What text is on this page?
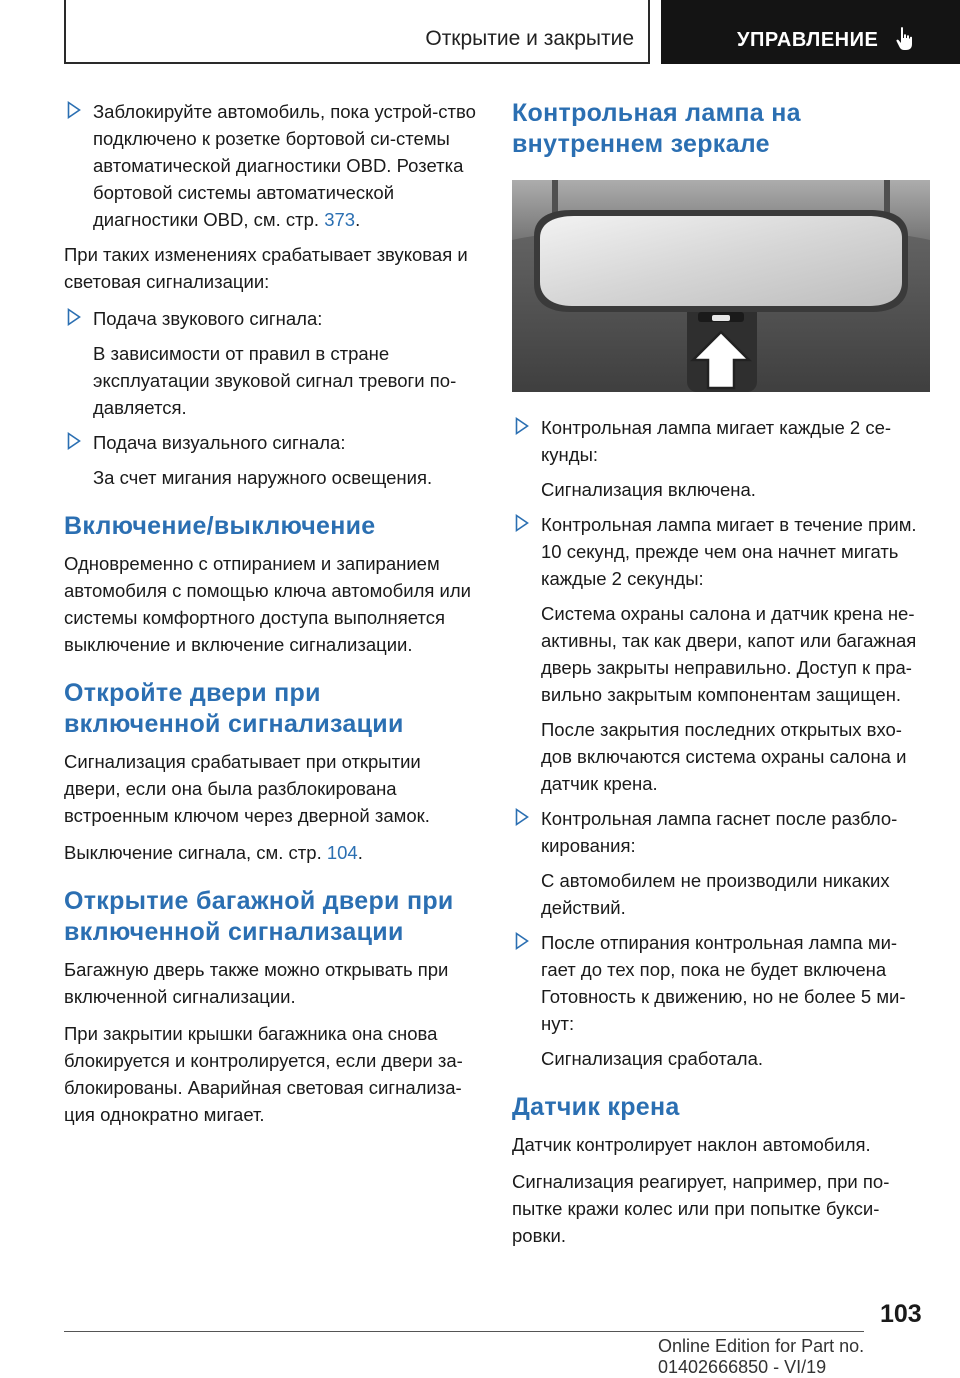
Открытие и закрытие	УПРАВЛЕНИЕ
Заблокируйте автомобиль, пока устрой-ство подключено к розетке бортовой си-стемы автоматической диагностики OBD. Розетка бортовой системы автоматической диагностики OBD, см. стр. 373.

При таких изменениях срабатывает звуковая и световая сигнализации:

Подача звукового сигнала:
В зависимости от правил в стране эксплуатации звуковой сигнал тревоги по-давляется.
Подача визуального сигнала:
За счет мигания наружного освещения.
Включение/выключение

Одновременно с отпиранием и запиранием автомобиля с помощью ключа автомобиля или системы комфортного доступа выполняется выключение и включение сигнализации.

Откройте двери при включенной сигнализации

Сигнализация срабатывает при открытии двери, если она была разблокирована встроенным ключом через дверной замок.

Выключение сигнала, см. стр. 104.

Открытие багажной двери при включенной сигнализации

Багажную дверь также можно открывать при включенной сигнализации.

При закрытии крышки багажника она снова блокируется и контролируется, если двери за-блокированы. Аварийная световая сигнализа-ция однократно мигает.

Контрольная лампа на внутреннем зеркале
Контрольная лампа мигает каждые 2 се-кунды:
Сигнализация включена.
Контрольная лампа мигает в течение прим. 10 секунд, прежде чем она начнет мигать каждые 2 секунды:
Система охраны салона и датчик крена не-активны, так как двери, капот или багажная дверь закрыты неправильно. Доступ к пра-вильно закрытым компонентам защищен.
После закрытия последних открытых вхо-дов включаются система охраны салона и датчик крена.
Контрольная лампа гаснет после разбло-кирования:
С автомобилем не производили никаких действий.
После отпирания контрольная лампа ми-гает до тех пор, пока не будет включена Готовность к движению, но не более 5 ми-нут:
Сигнализация сработала.
Датчик крена

Датчик контролирует наклон автомобиля.

Сигнализация реагирует, например, при по-пытке кражи колес или при попытке букси-ровки.

103
Online Edition for Part no. 01402666850 - VI/19
